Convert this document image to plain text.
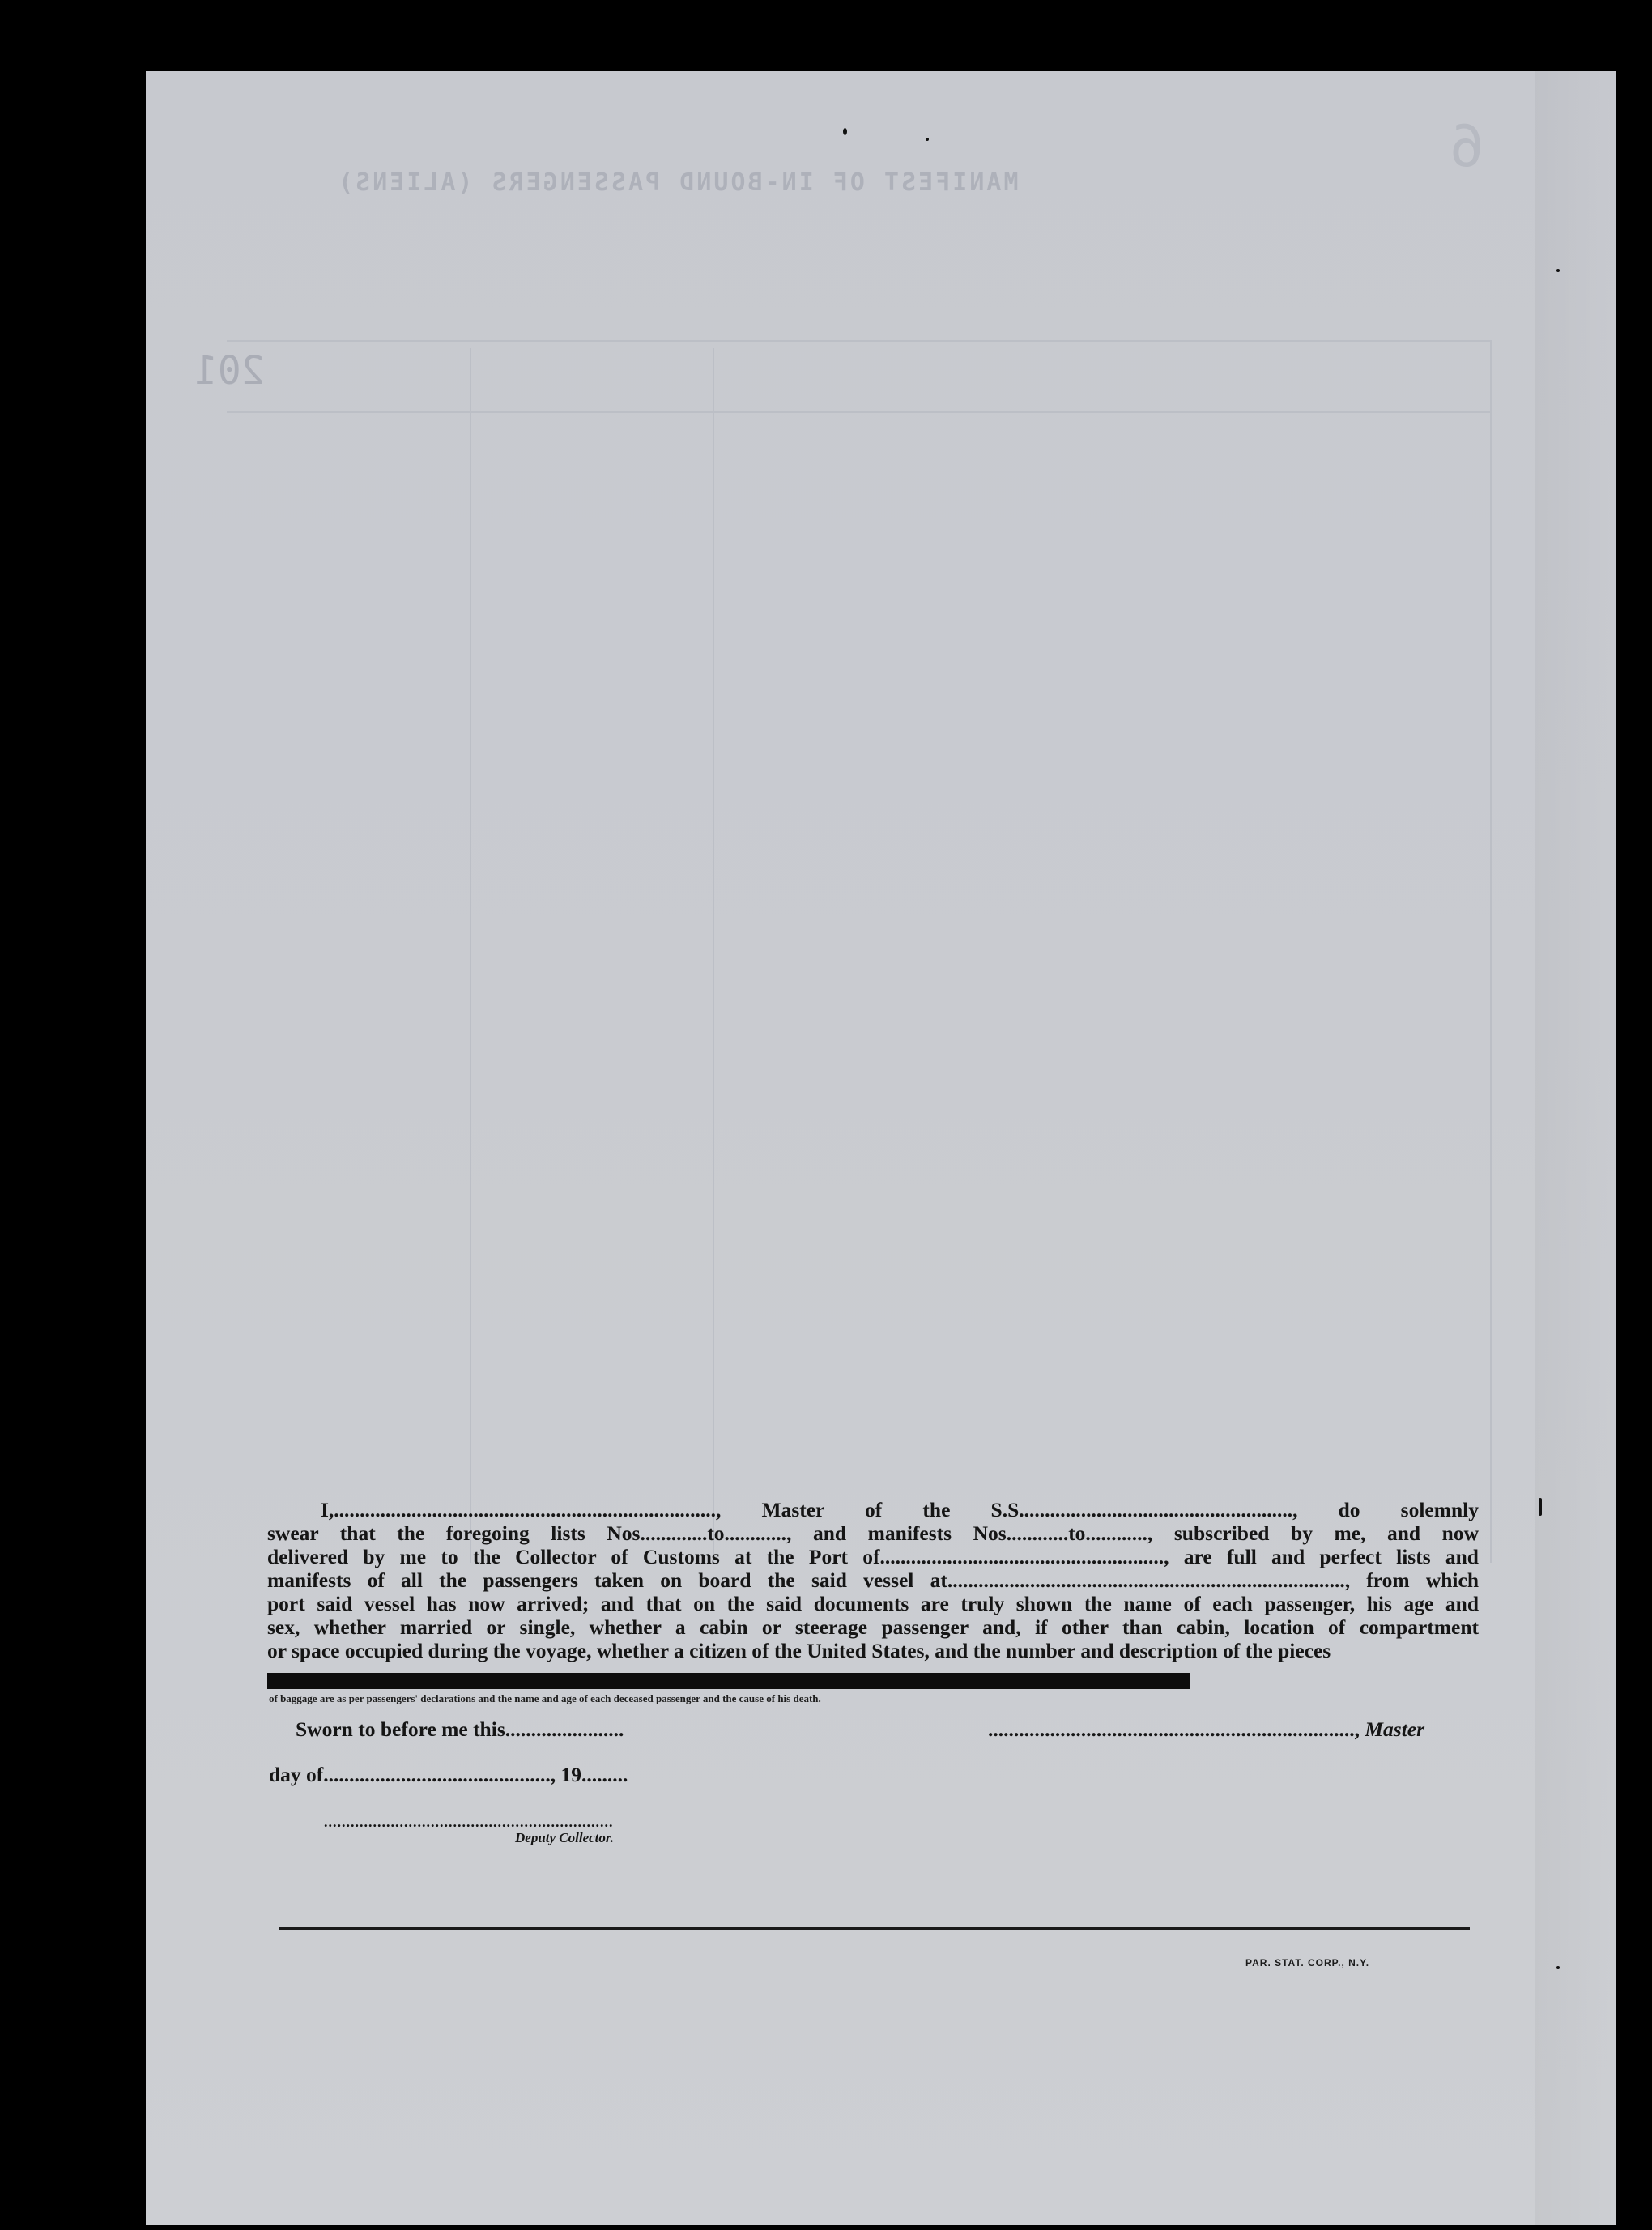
MANIFEST OF IN-BOUND PASSENGERS (ALIENS)
201
6
I,.........................................................................., Master of the S.S....................................................., do solemnly
swear that the foregoing lists Nos.............to............, and manifests Nos............to............, subscribed by me, and now
delivered by me to the Collector of Customs at the Port of......................................................., are full and perfect lists and
manifests of all the passengers taken on board the said vessel at............................................................................., from which
port said vessel has now arrived; and that on the said documents are truly shown the name of each passenger, his age and
sex, whether married or single, whether a cabin or steerage passenger and, if other than cabin, location of compartment
or space occupied during the voyage, whether a citizen of the United States, and the number and description of the pieces
of baggage are as per passengers' declarations and the name and age of each deceased passenger and the cause of his death.
Sworn to before me this.......................	......................................................................., Master
day of............................................, 19.........
.................................................................
Deputy Collector.
PAR. STAT. CORP., N.Y.
